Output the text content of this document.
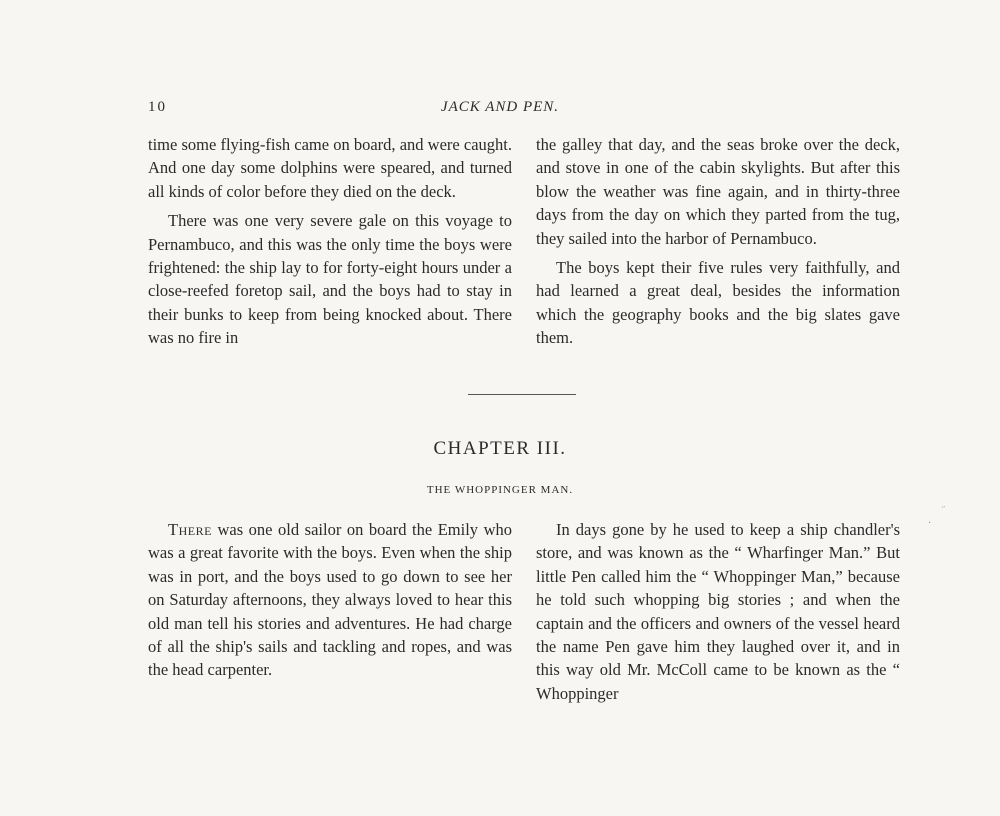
10	JACK AND PEN.

time some flying-fish came on board, and were caught. And one day some dolphins were speared, and turned all kinds of color before they died on the deck.

There was one very severe gale on this voyage to Pernambuco, and this was the only time the boys were frightened: the ship lay to for forty-eight hours under a close-reefed foretop sail, and the boys had to stay in their bunks to keep from being knocked about. There was no fire in

the galley that day, and the seas broke over the deck, and stove in one of the cabin skylights. But after this blow the weather was fine again, and in thirty-three days from the day on which they parted from the tug, they sailed into the harbor of Pernambuco.

The boys kept their five rules very faithfully, and had learned a great deal, besides the information which the geography books and the big slates gave them.

CHAPTER III.
THE WHOPPINGER MAN.

There was one old sailor on board the Emily who was a great favorite with the boys. Even when the ship was in port, and the boys used to go down to see her on Saturday afternoons, they always loved to hear this old man tell his stories and adventures. He had charge of all the ship's sails and tackling and ropes, and was the head carpenter.

In days gone by he used to keep a ship chandler's store, and was known as the “ Wharfinger Man.” But little Pen called him the “ Whoppinger Man,” because he told such whopping big stories ; and when the captain and the officers and owners of the vessel heard the name Pen gave him they laughed over it, and in this way old Mr. McColl came to be known as the “ Whoppinger

ᵕ
·
